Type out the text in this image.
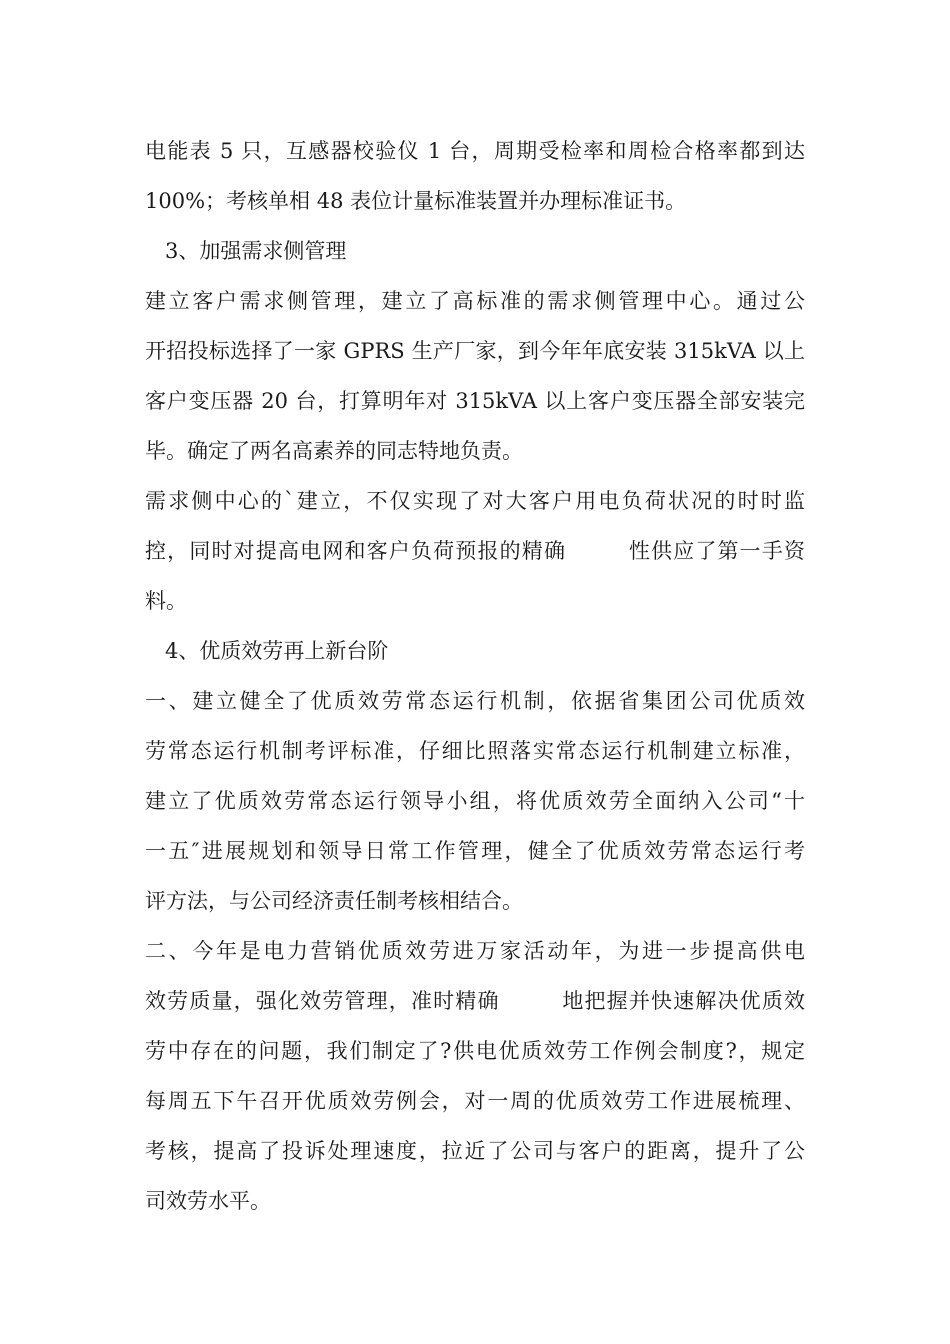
电能表 5 只，互感器校验仪 1 台，周期受检率和周检合格率都到达
100%；考核单相 48 表位计量标准装置并办理标准证书。
3、加强需求侧管理
建立客户需求侧管理，建立了高标准的需求侧管理中心。通过公
开招投标选择了一家 GPRS 生产厂家，到今年年底安装 315kVA 以上
客户变压器 20 台，打算明年对 315kVA 以上客户变压器全部安装完
毕。确定了两名高素养的同志特地负责。
需求侧中心的`建立，不仅实现了对大客户用电负荷状况的时时监
控，同时对提高电网和客户负荷预报的精确        性供应了第一手资
料。
4、优质效劳再上新台阶
一、建立健全了优质效劳常态运行机制，依据省集团公司优质效
劳常态运行机制考评标准，仔细比照落实常态运行机制建立标准，
建立了优质效劳常态运行领导小组，将优质效劳全面纳入公司“十
一五″进展规划和领导日常工作管理，健全了优质效劳常态运行考
评方法，与公司经济责任制考核相结合。
二、今年是电力营销优质效劳进万家活动年，为进一步提高供电
效劳质量，强化效劳管理，准时精确        地把握并快速解决优质效
劳中存在的问题，我们制定了?供电优质效劳工作例会制度?，规定
每周五下午召开优质效劳例会，对一周的优质效劳工作进展梳理、
考核，提高了投诉处理速度，拉近了公司与客户的距离，提升了公
司效劳水平。
